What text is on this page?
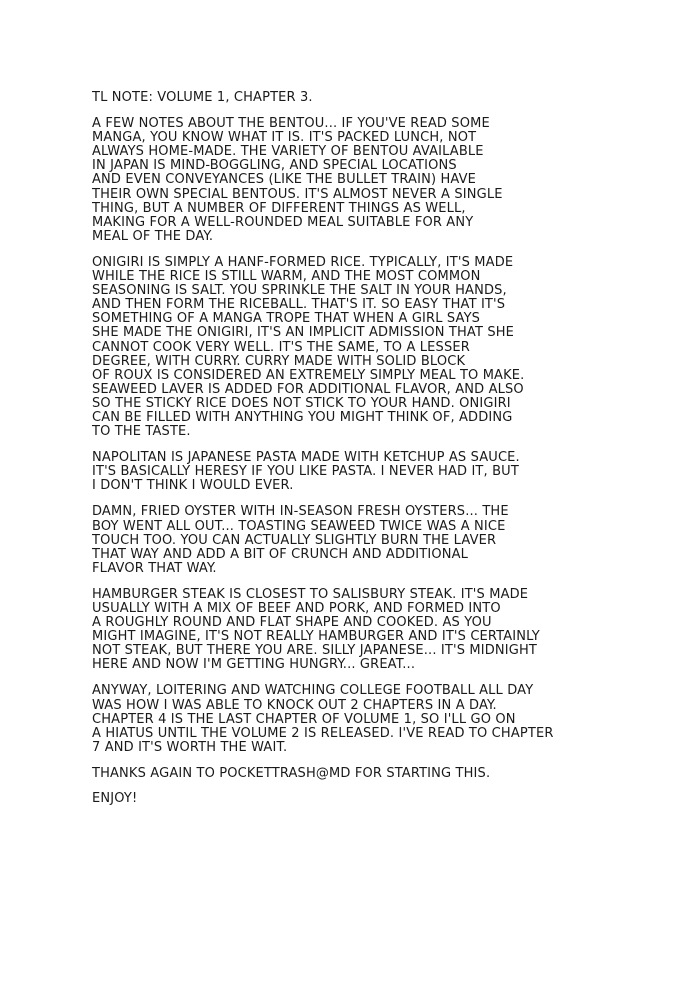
TL NOTE: VOLUME 1, CHAPTER 3.

A FEW NOTES ABOUT THE BENTOU... IF YOU'VE READ SOME
MANGA, YOU KNOW WHAT IT IS. IT'S PACKED LUNCH, NOT
ALWAYS HOME-MADE. THE VARIETY OF BENTOU AVAILABLE
IN JAPAN IS MIND-BOGGLING, AND SPECIAL LOCATIONS
AND EVEN CONVEYANCES (LIKE THE BULLET TRAIN) HAVE
THEIR OWN SPECIAL BENTOUS. IT'S ALMOST NEVER A SINGLE
THING, BUT A NUMBER OF DIFFERENT THINGS AS WELL,
MAKING FOR A WELL-ROUNDED MEAL SUITABLE FOR ANY
MEAL OF THE DAY.

ONIGIRI IS SIMPLY A HANF-FORMED RICE. TYPICALLY, IT'S MADE
WHILE THE RICE IS STILL WARM, AND THE MOST COMMON
SEASONING IS SALT. YOU SPRINKLE THE SALT IN YOUR HANDS,
AND THEN FORM THE RICEBALL. THAT'S IT. SO EASY THAT IT'S
SOMETHING OF A MANGA TROPE THAT WHEN A GIRL SAYS
SHE MADE THE ONIGIRI, IT'S AN IMPLICIT ADMISSION THAT SHE
CANNOT COOK VERY WELL. IT'S THE SAME, TO A LESSER
DEGREE, WITH CURRY. CURRY MADE WITH SOLID BLOCK
OF ROUX IS CONSIDERED AN EXTREMELY SIMPLY MEAL TO MAKE.
SEAWEED LAVER IS ADDED FOR ADDITIONAL FLAVOR, AND ALSO
SO THE STICKY RICE DOES NOT STICK TO YOUR HAND. ONIGIRI
CAN BE FILLED WITH ANYTHING YOU MIGHT THINK OF, ADDING
TO THE TASTE.

NAPOLITAN IS JAPANESE PASTA MADE WITH KETCHUP AS SAUCE.
IT'S BASICALLY HERESY IF YOU LIKE PASTA. I NEVER HAD IT, BUT
I DON'T THINK I WOULD EVER.

DAMN, FRIED OYSTER WITH IN-SEASON FRESH OYSTERS... THE
BOY WENT ALL OUT... TOASTING SEAWEED TWICE WAS A NICE
TOUCH TOO. YOU CAN ACTUALLY SLIGHTLY BURN THE LAVER
THAT WAY AND ADD A BIT OF CRUNCH AND ADDITIONAL
FLAVOR THAT WAY.

HAMBURGER STEAK IS CLOSEST TO SALISBURY STEAK. IT'S MADE
USUALLY WITH A MIX OF BEEF AND PORK, AND FORMED INTO
A ROUGHLY ROUND AND FLAT SHAPE AND COOKED. AS YOU
MIGHT IMAGINE, IT'S NOT REALLY HAMBURGER AND IT'S CERTAINLY
NOT STEAK, BUT THERE YOU ARE. SILLY JAPANESE... IT'S MIDNIGHT
HERE AND NOW I'M GETTING HUNGRY... GREAT...

ANYWAY, LOITERING AND WATCHING COLLEGE FOOTBALL ALL DAY
WAS HOW I WAS ABLE TO KNOCK OUT 2 CHAPTERS IN A DAY.
CHAPTER 4 IS THE LAST CHAPTER OF VOLUME 1, SO I'LL GO ON
A HIATUS UNTIL THE VOLUME 2 IS RELEASED. I'VE READ TO CHAPTER
7 AND IT'S WORTH THE WAIT.

THANKS AGAIN TO POCKETTRASH@MD FOR STARTING THIS.

ENJOY!
